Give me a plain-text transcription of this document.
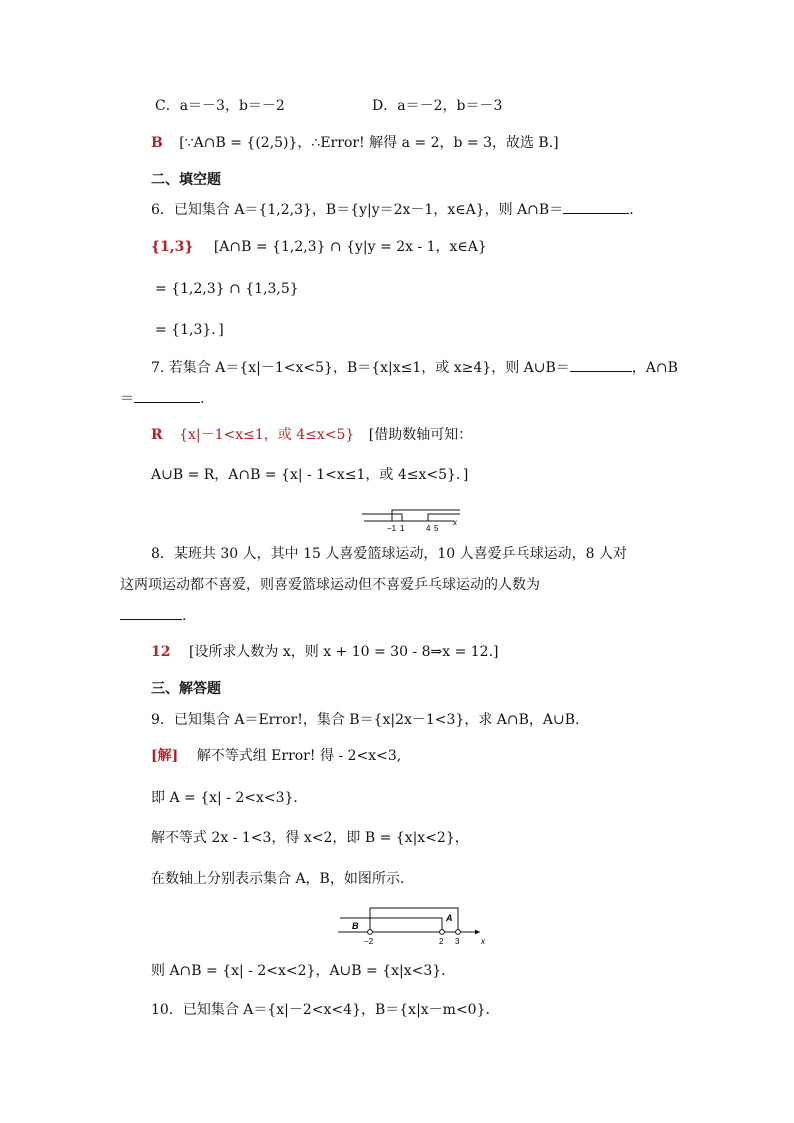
C．a＝－3，b＝－2	D．a＝－2，b＝－3
B [∵A∩B = {(2,5)}，∴Error! 解得 a = 2，b = 3，故选 B.]
二、填空题
6．已知集合 A＝{1,2,3}，B＝{y|y＝2x－1，x∈A}，则 A∩B＝	.
{1,3} [A∩B = {1,2,3} ∩ {y|y = 2x - 1，x∈A}
= {1,2,3} ∩ {1,3,5}
= {1,3}．]
7. 若集合 A＝{x|－1<x<5}，B＝{x|x≤1，或 x≥4}，则 A∪B＝	，A∩B
＝	.
R {x|－1<x≤1，或 4≤x<5} [借助数轴可知：
A∪B = R，A∩B = {x| - 1<x≤1，或 4≤x<5}．]
−1 1	4 5
x
8．某班共 30 人，其中 15 人喜爱篮球运动，10 人喜爱乒乓球运动，8 人对
这两项运动都不喜爱，则喜爱篮球运动但不喜爱乒乓球运动的人数为
.
12 [设所求人数为 x，则 x + 10 = 30 - 8⇒x = 12.]
三、解答题
9．已知集合 A＝Error!，集合 B＝{x|2x－1<3}，求 A∩B，A∪B.
[解] 解不等式组 Error! 得 - 2<x<3,
即 A = {x| - 2<x<3}．
解不等式 2x - 1<3，得 x<2，即 B = {x|x<2}，
在数轴上分别表示集合 A，B，如图所示.
B
A
−2	2 3	x
则 A∩B = {x| - 2<x<2}，A∪B = {x|x<3}.
10．已知集合 A＝{x|－2<x<4}，B＝{x|x－m<0}.
